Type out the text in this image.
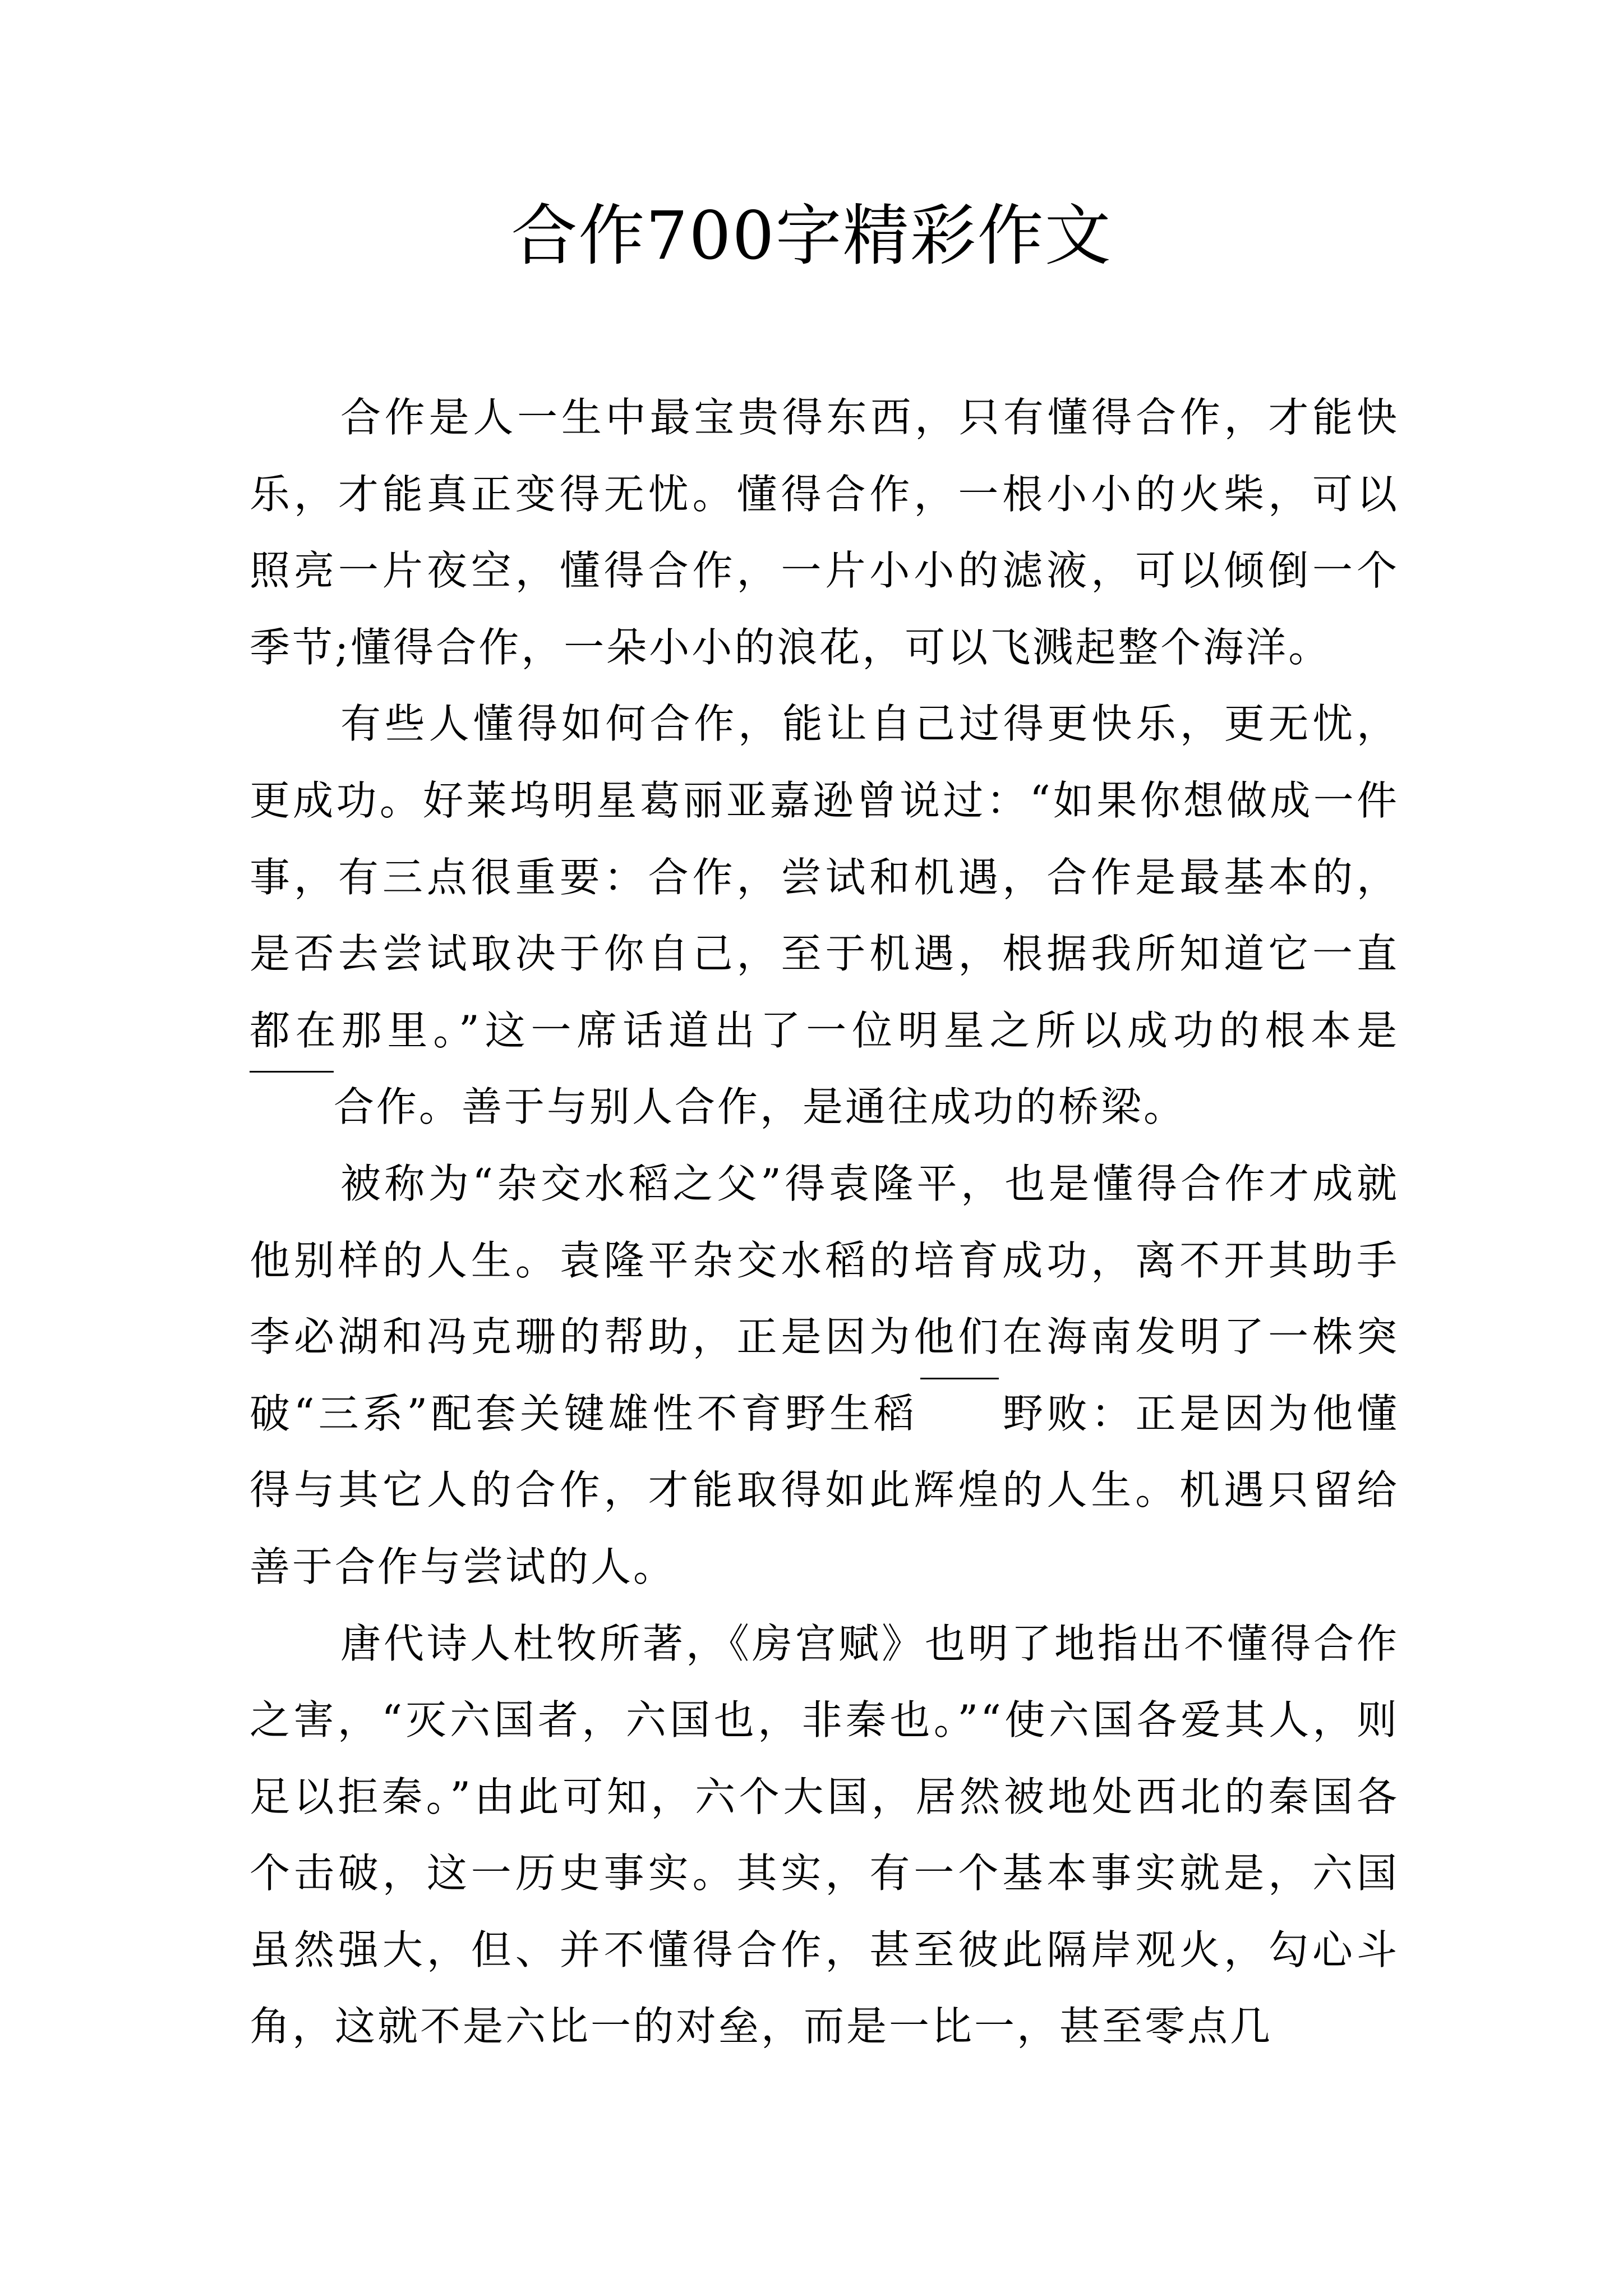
合作700字精彩作文

合作是人一生中最宝贵得东西，只有懂得合作，才能快乐，才能真正变得无忧。懂得合作，一根小小的火柴，可以照亮一片夜空，懂得合作，一片小小的滤液，可以倾倒一个季节;懂得合作，一朵小小的浪花，可以飞溅起整个海洋。

有些人懂得如何合作，能让自己过得更快乐，更无忧，更成功。好莱坞明星葛丽亚嘉逊曾说过：“如果你想做成一件事，有三点很重要：合作，尝试和机遇，合作是最基本的，是否去尝试取决于你自己，至于机遇，根据我所知道它一直都在那里。”这一席话道出了一位明星之所以成功的根本是合作。善于与别人合作，是通往成功的桥梁。

被称为“杂交水稻之父”得袁隆平，也是懂得合作才成就他别样的人生。袁隆平杂交水稻的培育成功，离不开其助手李必湖和冯克珊的帮助，正是因为他们在海南发明了一株突破“三系”配套关键雄性不育野生稻 野败：正是因为他懂得与其它人的合作，才能取得如此辉煌的人生。机遇只留给善于合作与尝试的人。

唐代诗人杜牧所著，《房宫赋》也明了地指出不懂得合作之害，“灭六国者，六国也，非秦也。”“使六国各爱其人，则足以拒秦。”由此可知，六个大国，居然被地处西北的秦国各个击破，这一历史事实。其实，有一个基本事实就是，六国虽然强大，但、并不懂得合作，甚至彼此隔岸观火，勾心斗角，这就不是六比一的对垒，而是一比一，甚至零点几
